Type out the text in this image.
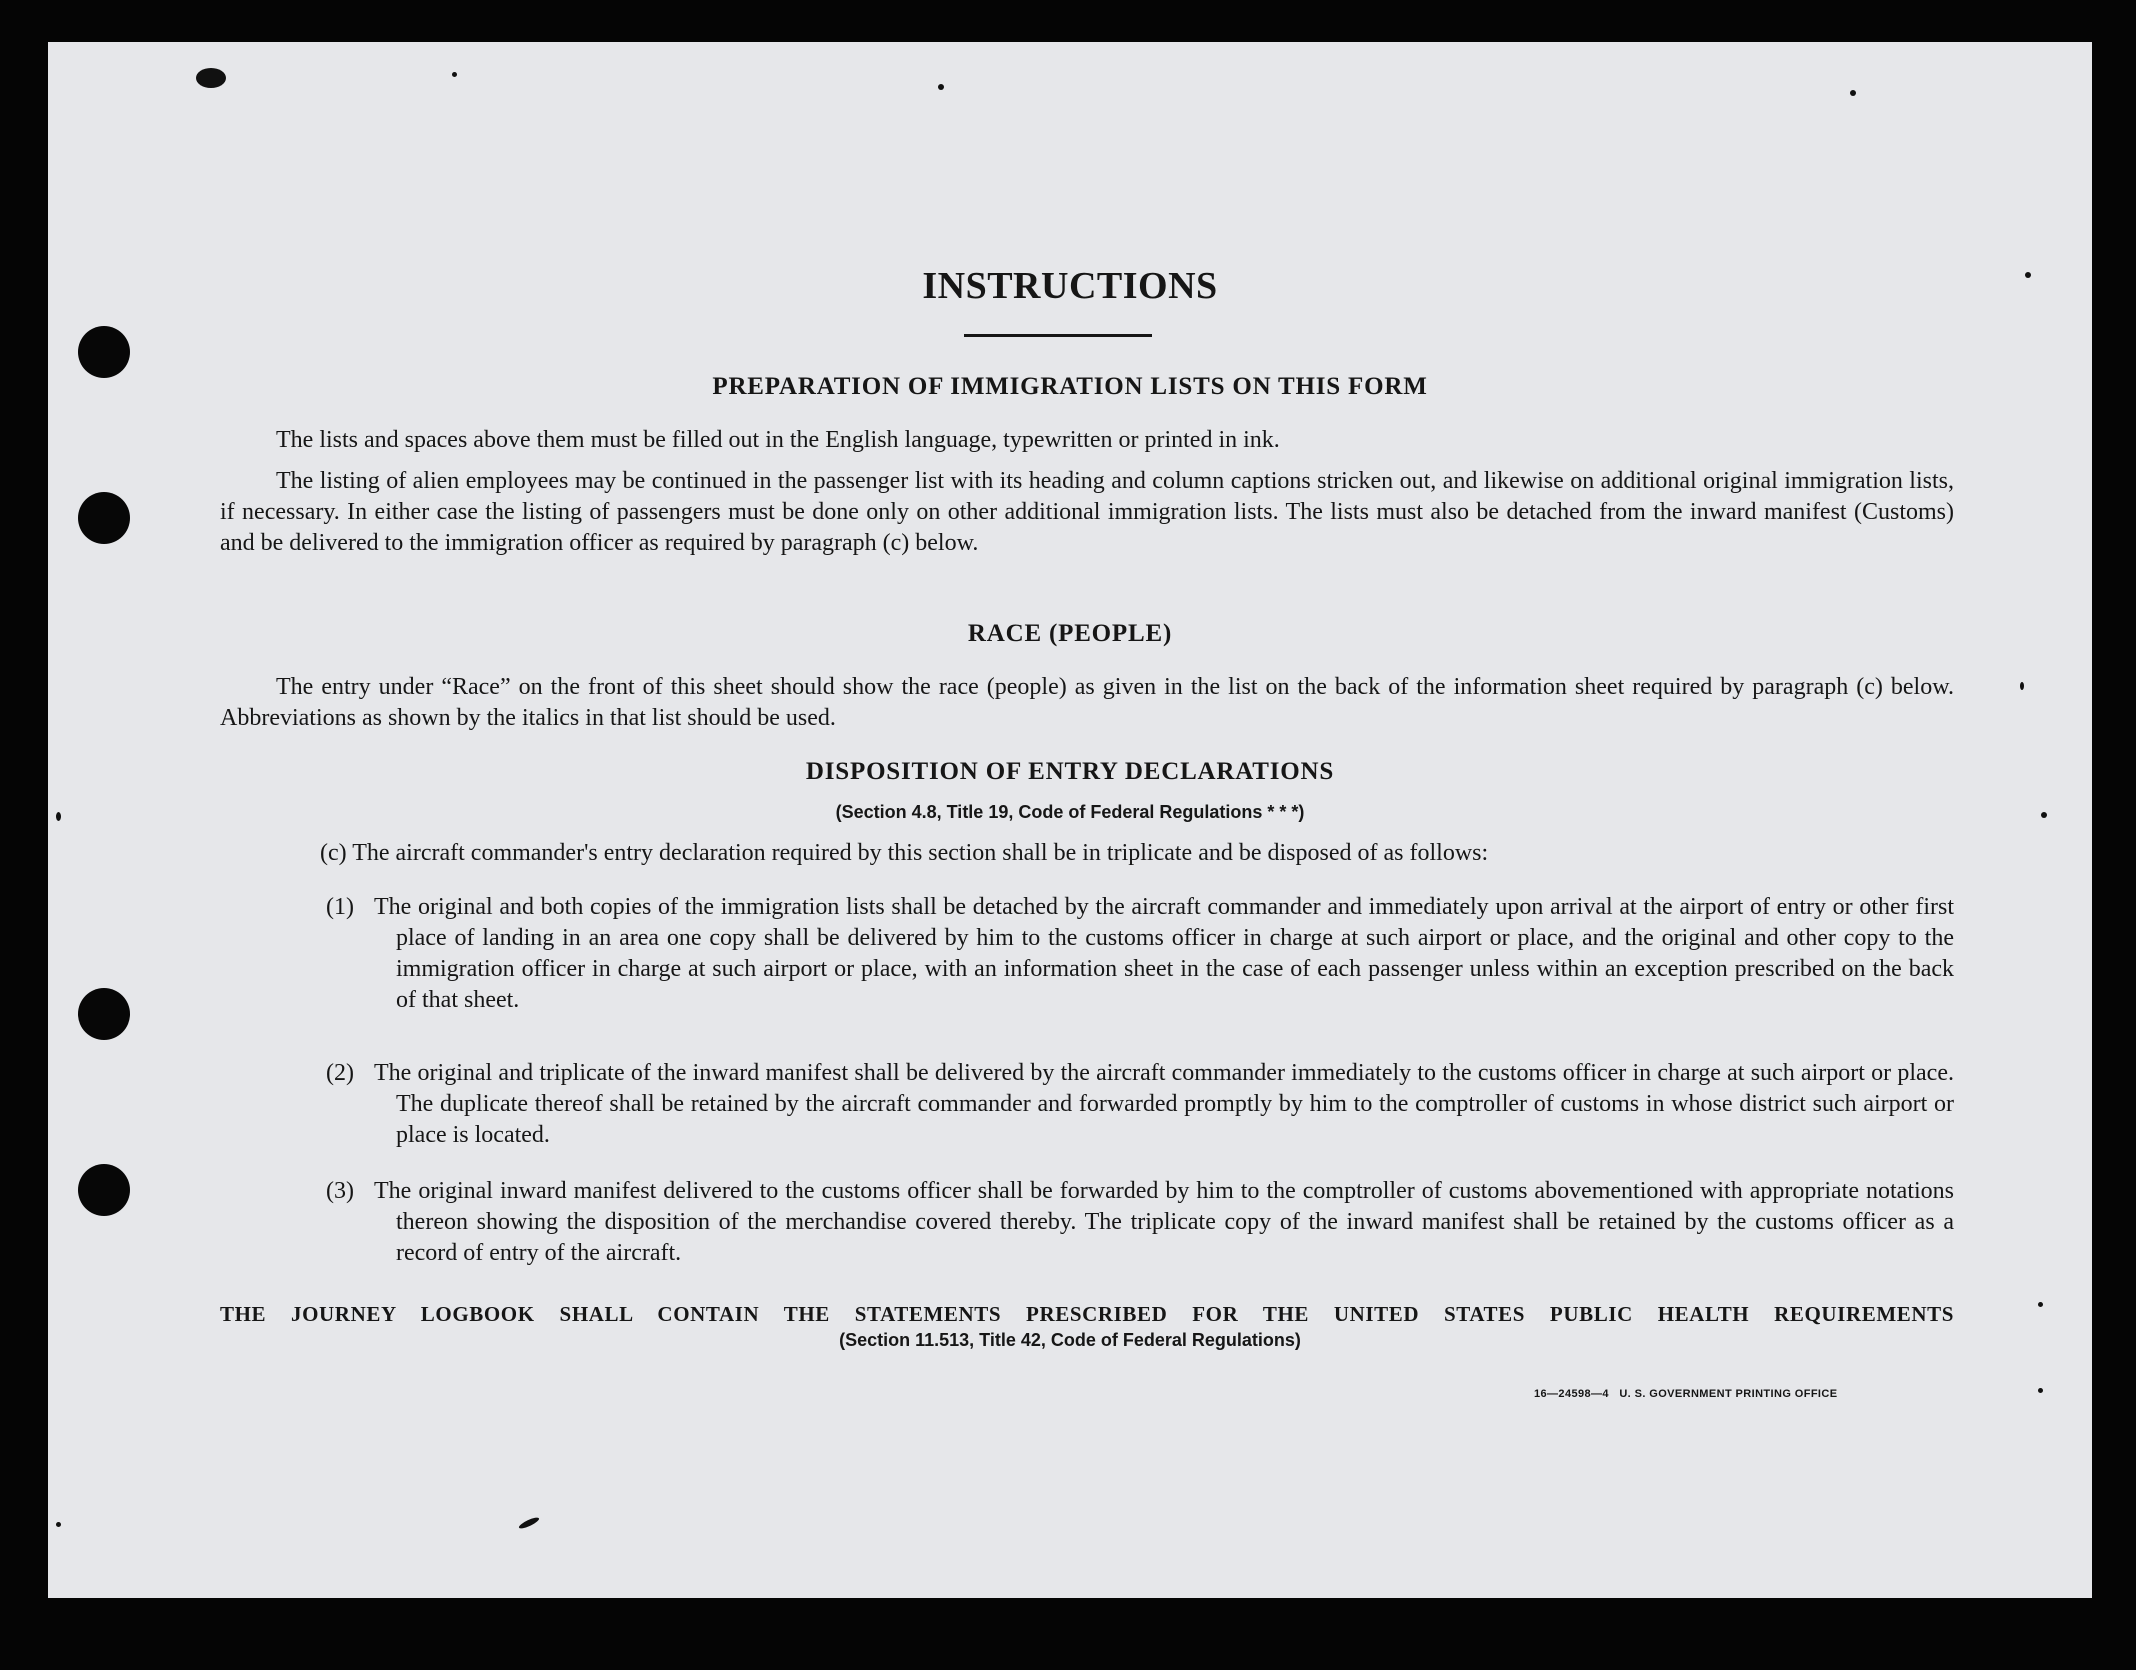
INSTRUCTIONS
PREPARATION OF IMMIGRATION LISTS ON THIS FORM
The lists and spaces above them must be filled out in the English language, typewritten or printed in ink.
The listing of alien employees may be continued in the passenger list with its heading and column captions stricken out, and likewise on additional original immigration lists, if necessary. In either case the listing of passengers must be done only on other additional immigration lists. The lists must also be detached from the inward manifest (Customs) and be delivered to the immigration officer as required by paragraph (c) below.
RACE (PEOPLE)
The entry under “Race” on the front of this sheet should show the race (people) as given in the list on the back of the information sheet required by paragraph (c) below. Abbreviations as shown by the italics in that list should be used.
DISPOSITION OF ENTRY DECLARATIONS
(Section 4.8, Title 19, Code of Federal Regulations * * *)
(c) The aircraft commander's entry declaration required by this section shall be in triplicate and be disposed of as follows:
(1) The original and both copies of the immigration lists shall be detached by the aircraft commander and immediately upon arrival at the airport of entry or other first place of landing in an area one copy shall be delivered by him to the customs officer in charge at such airport or place, and the original and other copy to the immigration officer in charge at such airport or place, with an information sheet in the case of each passenger unless within an exception prescribed on the back of that sheet.
(2) The original and triplicate of the inward manifest shall be delivered by the aircraft commander immediately to the customs officer in charge at such airport or place. The duplicate thereof shall be retained by the aircraft commander and forwarded promptly by him to the comptroller of customs in whose district such airport or place is located.
(3) The original inward manifest delivered to the customs officer shall be forwarded by him to the comptroller of customs abovementioned with appropriate notations thereon showing the disposition of the merchandise covered thereby. The triplicate copy of the inward manifest shall be retained by the customs officer as a record of entry of the aircraft.
THE JOURNEY LOGBOOK SHALL CONTAIN THE STATEMENTS PRESCRIBED FOR THE UNITED STATES PUBLIC HEALTH REQUIREMENTS
(Section 11.513, Title 42, Code of Federal Regulations)
16—24598—4 U. S. GOVERNMENT PRINTING OFFICE
